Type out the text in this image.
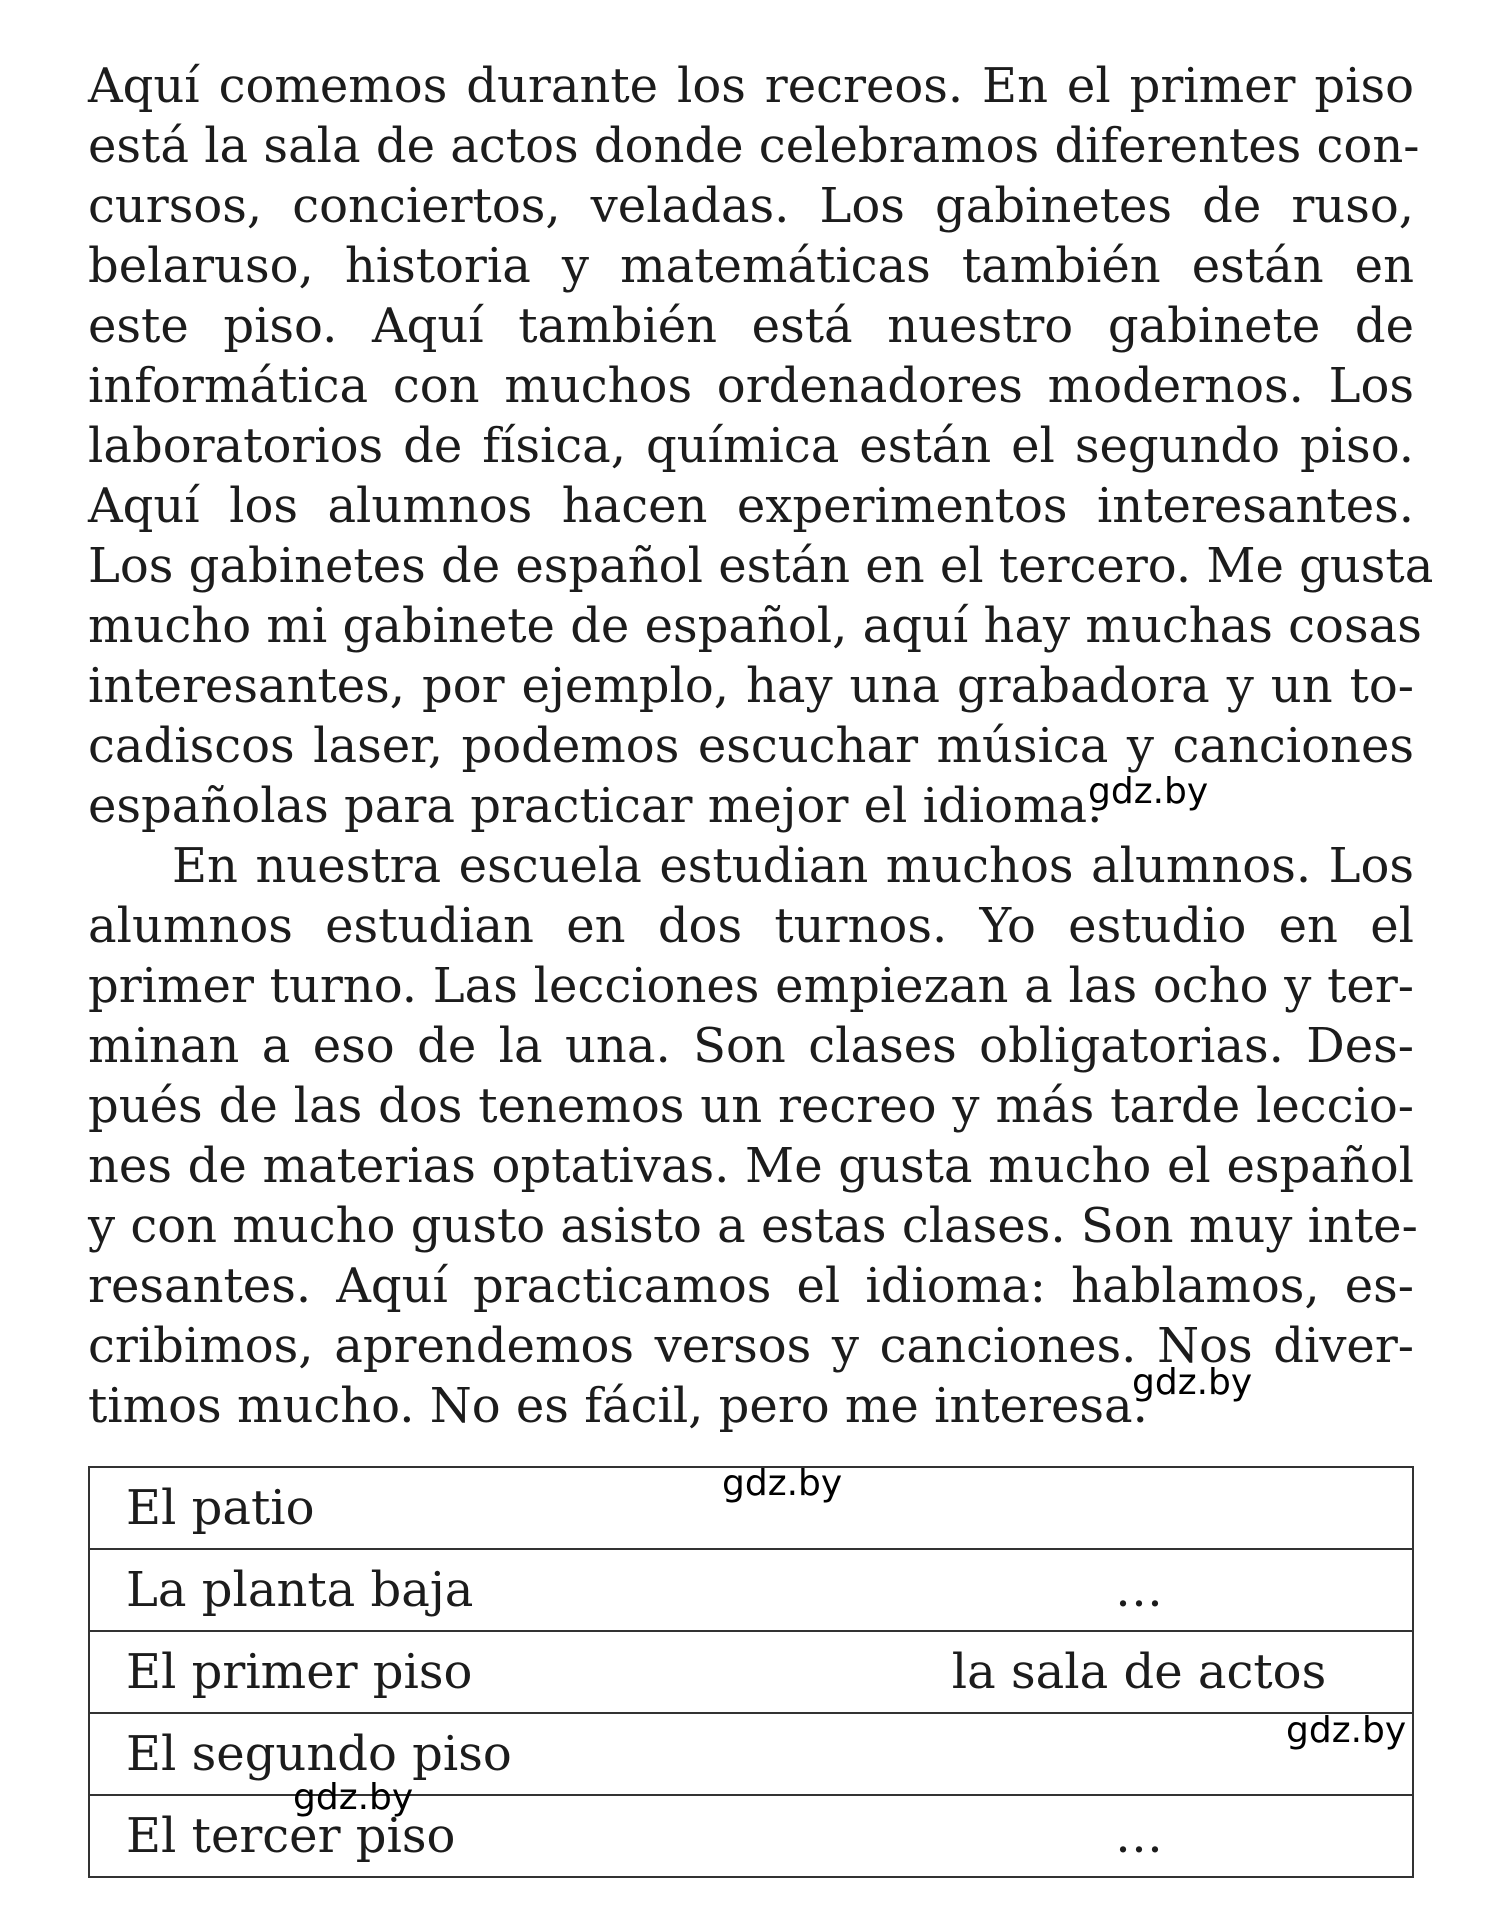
Aquí comemos durante los recreos. En el primer piso
está la sala de actos donde celebramos diferentes con-
cursos, conciertos, veladas. Los gabinetes de ruso,
belaruso, historia y matemáticas también están en
este piso. Aquí también está nuestro gabinete de
informática con muchos ordenadores modernos. Los
laboratorios de física, química están el segundo piso.
Aquí los alumnos hacen experimentos interesantes.
Los gabinetes de español están en el tercero. Me gusta
mucho mi gabinete de español, aquí hay muchas cosas
interesantes, por ejemplo, hay una grabadora y un to-
cadiscos laser, podemos escuchar música y canciones
españolas para practicar mejor el idioma.

En nuestra escuela estudian muchos alumnos. Los
alumnos estudian en dos turnos. Yo estudio en el
primer turno. Las lecciones empiezan a las ocho y ter-
minan a eso de la una. Son clases obligatorias. Des-
pués de las dos tenemos un recreo y más tarde leccio-
nes de materias optativas. Me gusta mucho el español
y con mucho gusto asisto a estas clases. Son muy inte-
resantes. Aquí practicamos el idioma: hablamos, es-
cribimos, aprendemos versos y canciones. Nos diver-
timos mucho. No es fácil, pero me interesa.

El patio	
La planta baja	…
El primer piso	la sala de actos
El segundo piso	
El tercer piso	…
gdz.by
gdz.by
gdz.by
gdz.by
gdz.by
